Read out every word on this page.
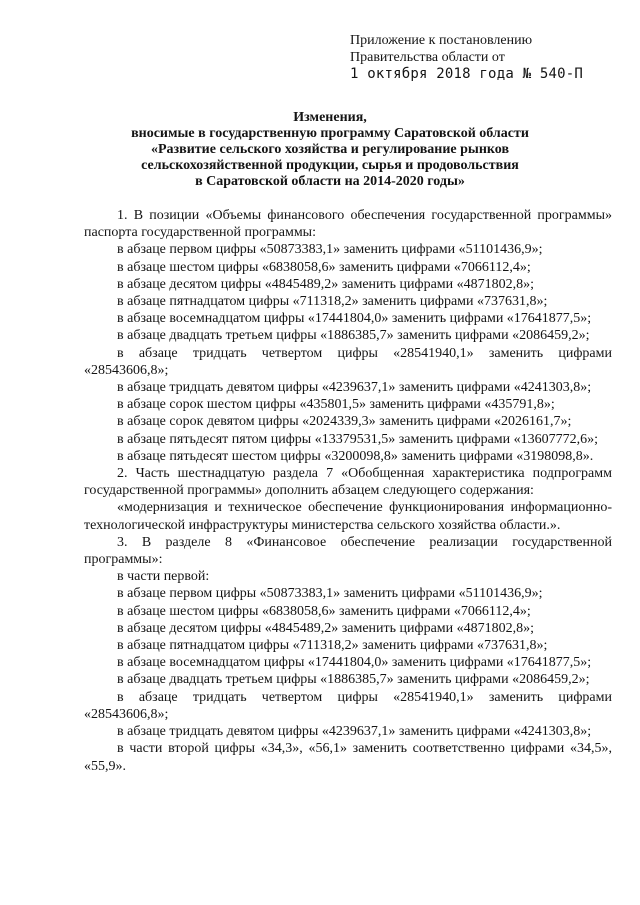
Приложение к постановлению
Правительства области от
1 октября 2018 года № 540-П
Изменения,
вносимые в государственную программу Саратовской области
«Развитие сельского хозяйства и регулирование рынков
сельскохозяйственной продукции, сырья и продовольствия
в Саратовской области на 2014-2020 годы»

1. В позиции «Объемы финансового обеспечения государственной программы» паспорта государственной программы:

в абзаце первом цифры «50873383,1» заменить цифрами «51101436,9»;

в абзаце шестом цифры «6838058,6» заменить цифрами «7066112,4»;

в абзаце десятом цифры «4845489,2» заменить цифрами «4871802,8»;

в абзаце пятнадцатом цифры «711318,2» заменить цифрами «737631,8»;

в абзаце восемнадцатом цифры «17441804,0» заменить цифрами «17641877,5»;

в абзаце двадцать третьем цифры «1886385,7» заменить цифрами «2086459,2»;

в абзаце тридцать четвертом цифры «28541940,1» заменить цифрами «28543606,8»;

в абзаце тридцать девятом цифры «4239637,1» заменить цифрами «4241303,8»;

в абзаце сорок шестом цифры «435801,5» заменить цифрами «435791,8»;

в абзаце сорок девятом цифры «2024339,3» заменить цифрами «2026161,7»;

в абзаце пятьдесят пятом цифры «13379531,5» заменить цифрами «13607772,6»;

в абзаце пятьдесят шестом цифры «3200098,8» заменить цифрами «3198098,8».

2. Часть шестнадцатую раздела 7 «Обобщенная характеристика подпрограмм государственной программы» дополнить абзацем следующего содержания:

«модернизация и техническое обеспечение функционирования информационно-технологической инфраструктуры министерства сельского хозяйства области.».

3. В разделе 8 «Финансовое обеспечение реализации государственной программы»:

в части первой:

в абзаце первом цифры «50873383,1» заменить цифрами «51101436,9»;

в абзаце шестом цифры «6838058,6» заменить цифрами «7066112,4»;

в абзаце десятом цифры «4845489,2» заменить цифрами «4871802,8»;

в абзаце пятнадцатом цифры «711318,2» заменить цифрами «737631,8»;

в абзаце восемнадцатом цифры «17441804,0» заменить цифрами «17641877,5»;

в абзаце двадцать третьем цифры «1886385,7» заменить цифрами «2086459,2»;

в абзаце тридцать четвертом цифры «28541940,1» заменить цифрами «28543606,8»;

в абзаце тридцать девятом цифры «4239637,1» заменить цифрами «4241303,8»;

в части второй цифры «34,3», «56,1» заменить соответственно цифрами «34,5», «55,9».
